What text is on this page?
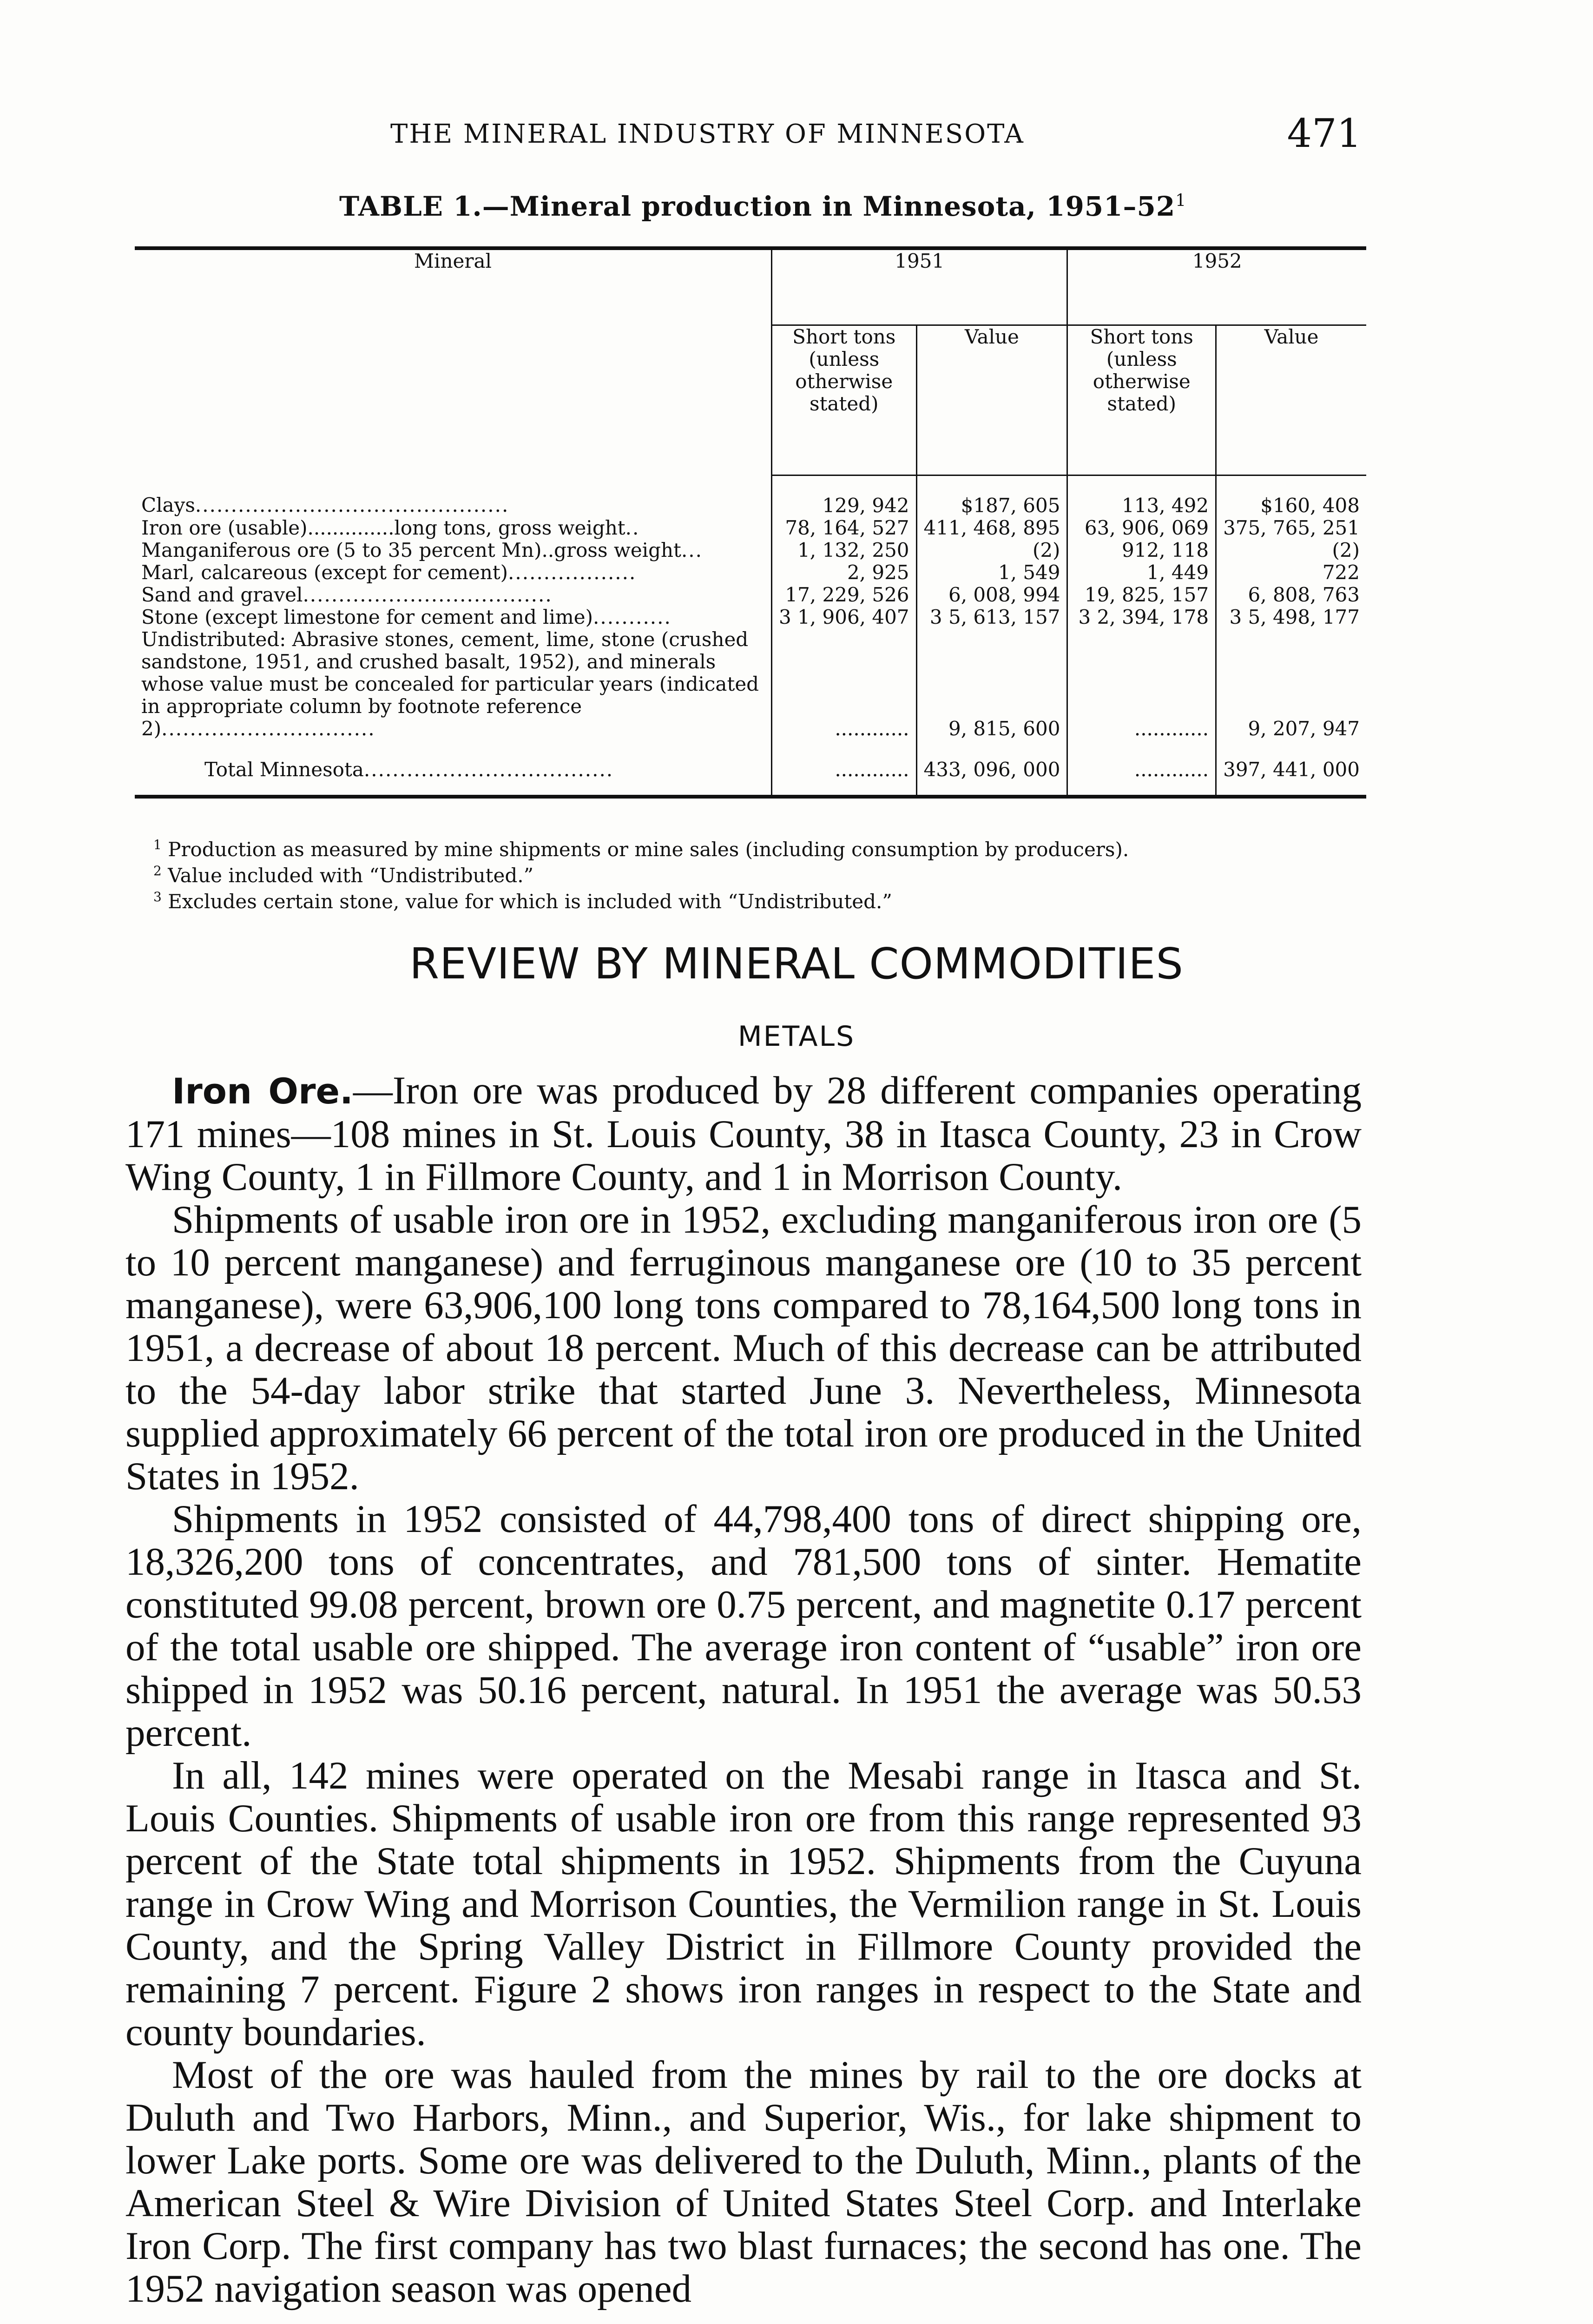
THE MINERAL INDUSTRY OF MINNESOTA	471
TABLE 1.—Mineral production in Minnesota, $1951-52^1$
Mineral	1951		1952	
	Short tons (unless otherwise stated)	Value	Short tons (unless otherwise stated)	Value
Clays............................................	129, 942	$187, 605	113, 492	$160, 408
Iron ore (usable)..............long tons, gross weight..	78, 164, 527	411, 468, 895	63, 906, 069	375, 765, 251
Manganiferous ore (5 to 35 percent Mn)..gross weight...	1, 132, 250	(2)	912, 118	(2)
Marl, calcareous (except for cement)..................	2, 925	1, 549	1, 449	722
Sand and gravel...................................	17, 229, 526	6, 008, 994	19, 825, 157	6, 808, 763
Stone (except limestone for cement and lime)...........	3 1, 906, 407	3 5, 613, 157	3 2, 394, 178	3 5, 498, 177
Undistributed: Abrasive stones, cement, lime, stone (crushed sandstone, 1951, and crushed basalt, 1952), and minerals whose value must be concealed for particular years (indicated in appropriate column by footnote reference 2)..............................	............	9, 815, 600	............	9, 207, 947
Total Minnesota...................................	............	433, 096, 000	............	397, 441, 000
$^1$ Production as measured by mine shipments or mine sales (including consumption by producers).
$^2$ Value included with “Undistributed.”
$^3$ Excludes certain stone, value for which is included with “Undistributed.”
REVIEW BY MINERAL COMMODITIES
METALS

Iron Ore.—Iron ore was produced by 28 different companies operating 171 mines—108 mines in St. Louis County, 38 in Itasca County, 23 in Crow Wing County, 1 in Fillmore County, and 1 in Morrison County.

Shipments of usable iron ore in 1952, excluding manganiferous iron ore (5 to 10 percent manganese) and ferruginous manganese ore (10 to 35 percent manganese), were 63,906,100 long tons compared to 78,164,500 long tons in 1951, a decrease of about 18 percent. Much of this decrease can be attributed to the 54-day labor strike that started June 3. Nevertheless, Minnesota supplied approximately 66 percent of the total iron ore produced in the United States in 1952.

Shipments in 1952 consisted of 44,798,400 tons of direct shipping ore, 18,326,200 tons of concentrates, and 781,500 tons of sinter. Hematite constituted 99.08 percent, brown ore 0.75 percent, and magnetite 0.17 percent of the total usable ore shipped. The average iron content of “usable” iron ore shipped in 1952 was 50.16 percent, natural. In 1951 the average was 50.53 percent.

In all, 142 mines were operated on the Mesabi range in Itasca and St. Louis Counties. Shipments of usable iron ore from this range represented 93 percent of the State total shipments in 1952. Shipments from the Cuyuna range in Crow Wing and Morrison Counties, the Vermilion range in St. Louis County, and the Spring Valley District in Fillmore County provided the remaining 7 percent. Figure 2 shows iron ranges in respect to the State and county boundaries.

Most of the ore was hauled from the mines by rail to the ore docks at Duluth and Two Harbors, Minn., and Superior, Wis., for lake shipment to lower Lake ports. Some ore was delivered to the Duluth, Minn., plants of the American Steel & Wire Division of United States Steel Corp. and Interlake Iron Corp. The first company has two blast furnaces; the second has one. The 1952 navigation season was opened
